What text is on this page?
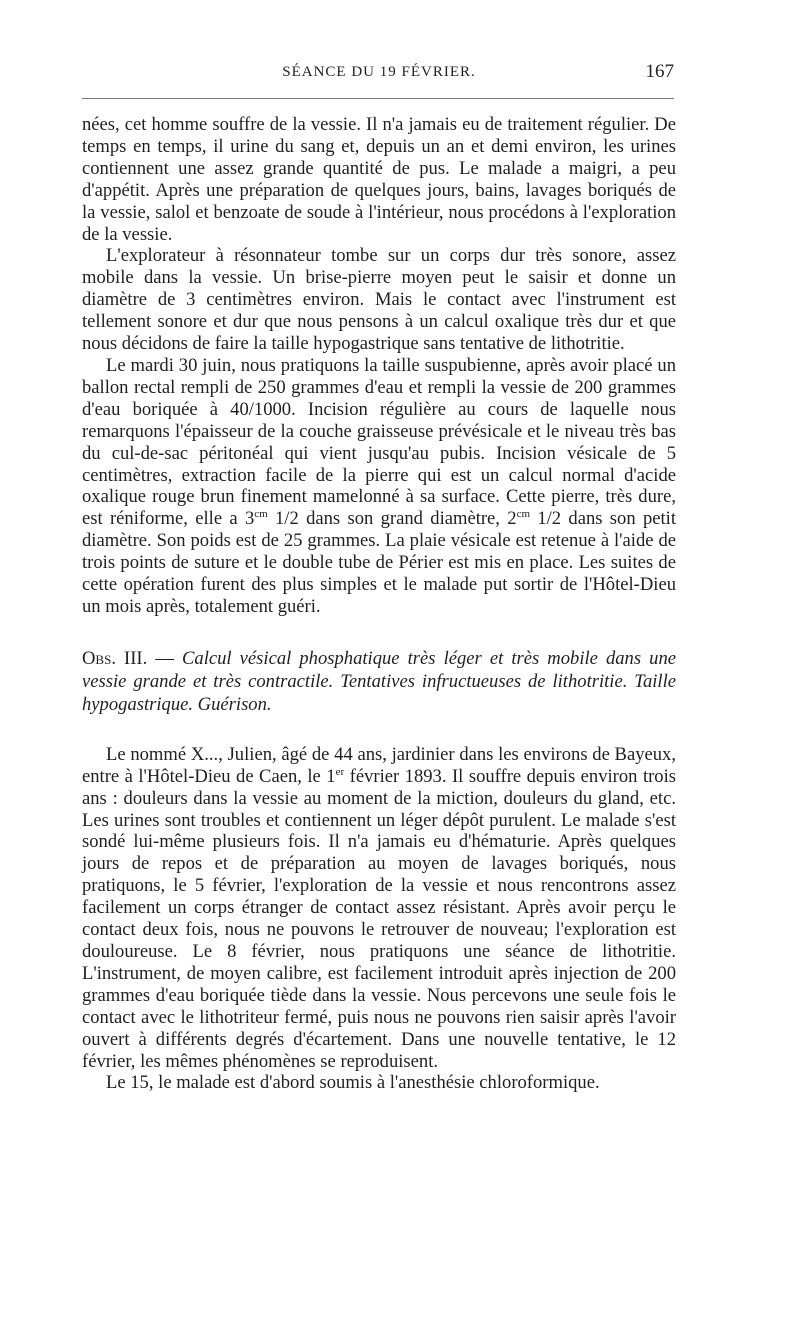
SÉANCE DU 19 FÉVRIER.	167

nées, cet homme souffre de la vessie. Il n'a jamais eu de traitement régulier. De temps en temps, il urine du sang et, depuis un an et demi environ, les urines contiennent une assez grande quantité de pus. Le malade a maigri, a peu d'appétit. Après une préparation de quelques jours, bains, lavages boriqués de la vessie, salol et benzoate de soude à l'intérieur, nous procédons à l'exploration de la vessie.

L'explorateur à résonnateur tombe sur un corps dur très sonore, assez mobile dans la vessie. Un brise-pierre moyen peut le saisir et donne un diamètre de 3 centimètres environ. Mais le contact avec l'instrument est tellement sonore et dur que nous pensons à un calcul oxalique très dur et que nous décidons de faire la taille hypogastrique sans tentative de lithotritie.

Le mardi 30 juin, nous pratiquons la taille suspubienne, après avoir placé un ballon rectal rempli de 250 grammes d'eau et rempli la vessie de 200 grammes d'eau boriquée à 40/1000. Incision régulière au cours de laquelle nous remarquons l'épaisseur de la couche graisseuse prévésicale et le niveau très bas du cul-de-sac péritonéal qui vient jusqu'au pubis. Incision vésicale de 5 centimètres, extraction facile de la pierre qui est un calcul normal d'acide oxalique rouge brun finement mamelonné à sa surface. Cette pierre, très dure, est réniforme, elle a $3^{cm}$ 1/2 dans son grand diamètre, $2^{cm}$ 1/2 dans son petit diamètre. Son poids est de 25 grammes. La plaie vésicale est retenue à l'aide de trois points de suture et le double tube de Périer est mis en place. Les suites de cette opération furent des plus simples et le malade put sortir de l'Hôtel-Dieu un mois après, totalement guéri.

Obs. III. — Calcul vésical phosphatique très léger et très mobile dans une vessie grande et très contractile. Tentatives infructueuses de lithotritie. Taille hypogastrique. Guérison.

Le nommé X..., Julien, âgé de 44 ans, jardinier dans les environs de Bayeux, entre à l'Hôtel-Dieu de Caen, le 1er février 1893. Il souffre depuis environ trois ans : douleurs dans la vessie au moment de la miction, douleurs du gland, etc. Les urines sont troubles et contiennent un léger dépôt purulent. Le malade s'est sondé lui-même plusieurs fois. Il n'a jamais eu d'hématurie. Après quelques jours de repos et de préparation au moyen de lavages boriqués, nous pratiquons, le 5 février, l'exploration de la vessie et nous rencontrons assez facilement un corps étranger de contact assez résistant. Après avoir perçu le contact deux fois, nous ne pouvons le retrouver de nouveau; l'exploration est douloureuse. Le 8 février, nous pratiquons une séance de lithotritie. L'instrument, de moyen calibre, est facilement introduit après injection de 200 grammes d'eau boriquée tiède dans la vessie. Nous percevons une seule fois le contact avec le lithotriteur fermé, puis nous ne pouvons rien saisir après l'avoir ouvert à différents degrés d'écartement. Dans une nouvelle tentative, le 12 février, les mêmes phénomènes se reproduisent.

Le 15, le malade est d'abord soumis à l'anesthésie chloroformique.
